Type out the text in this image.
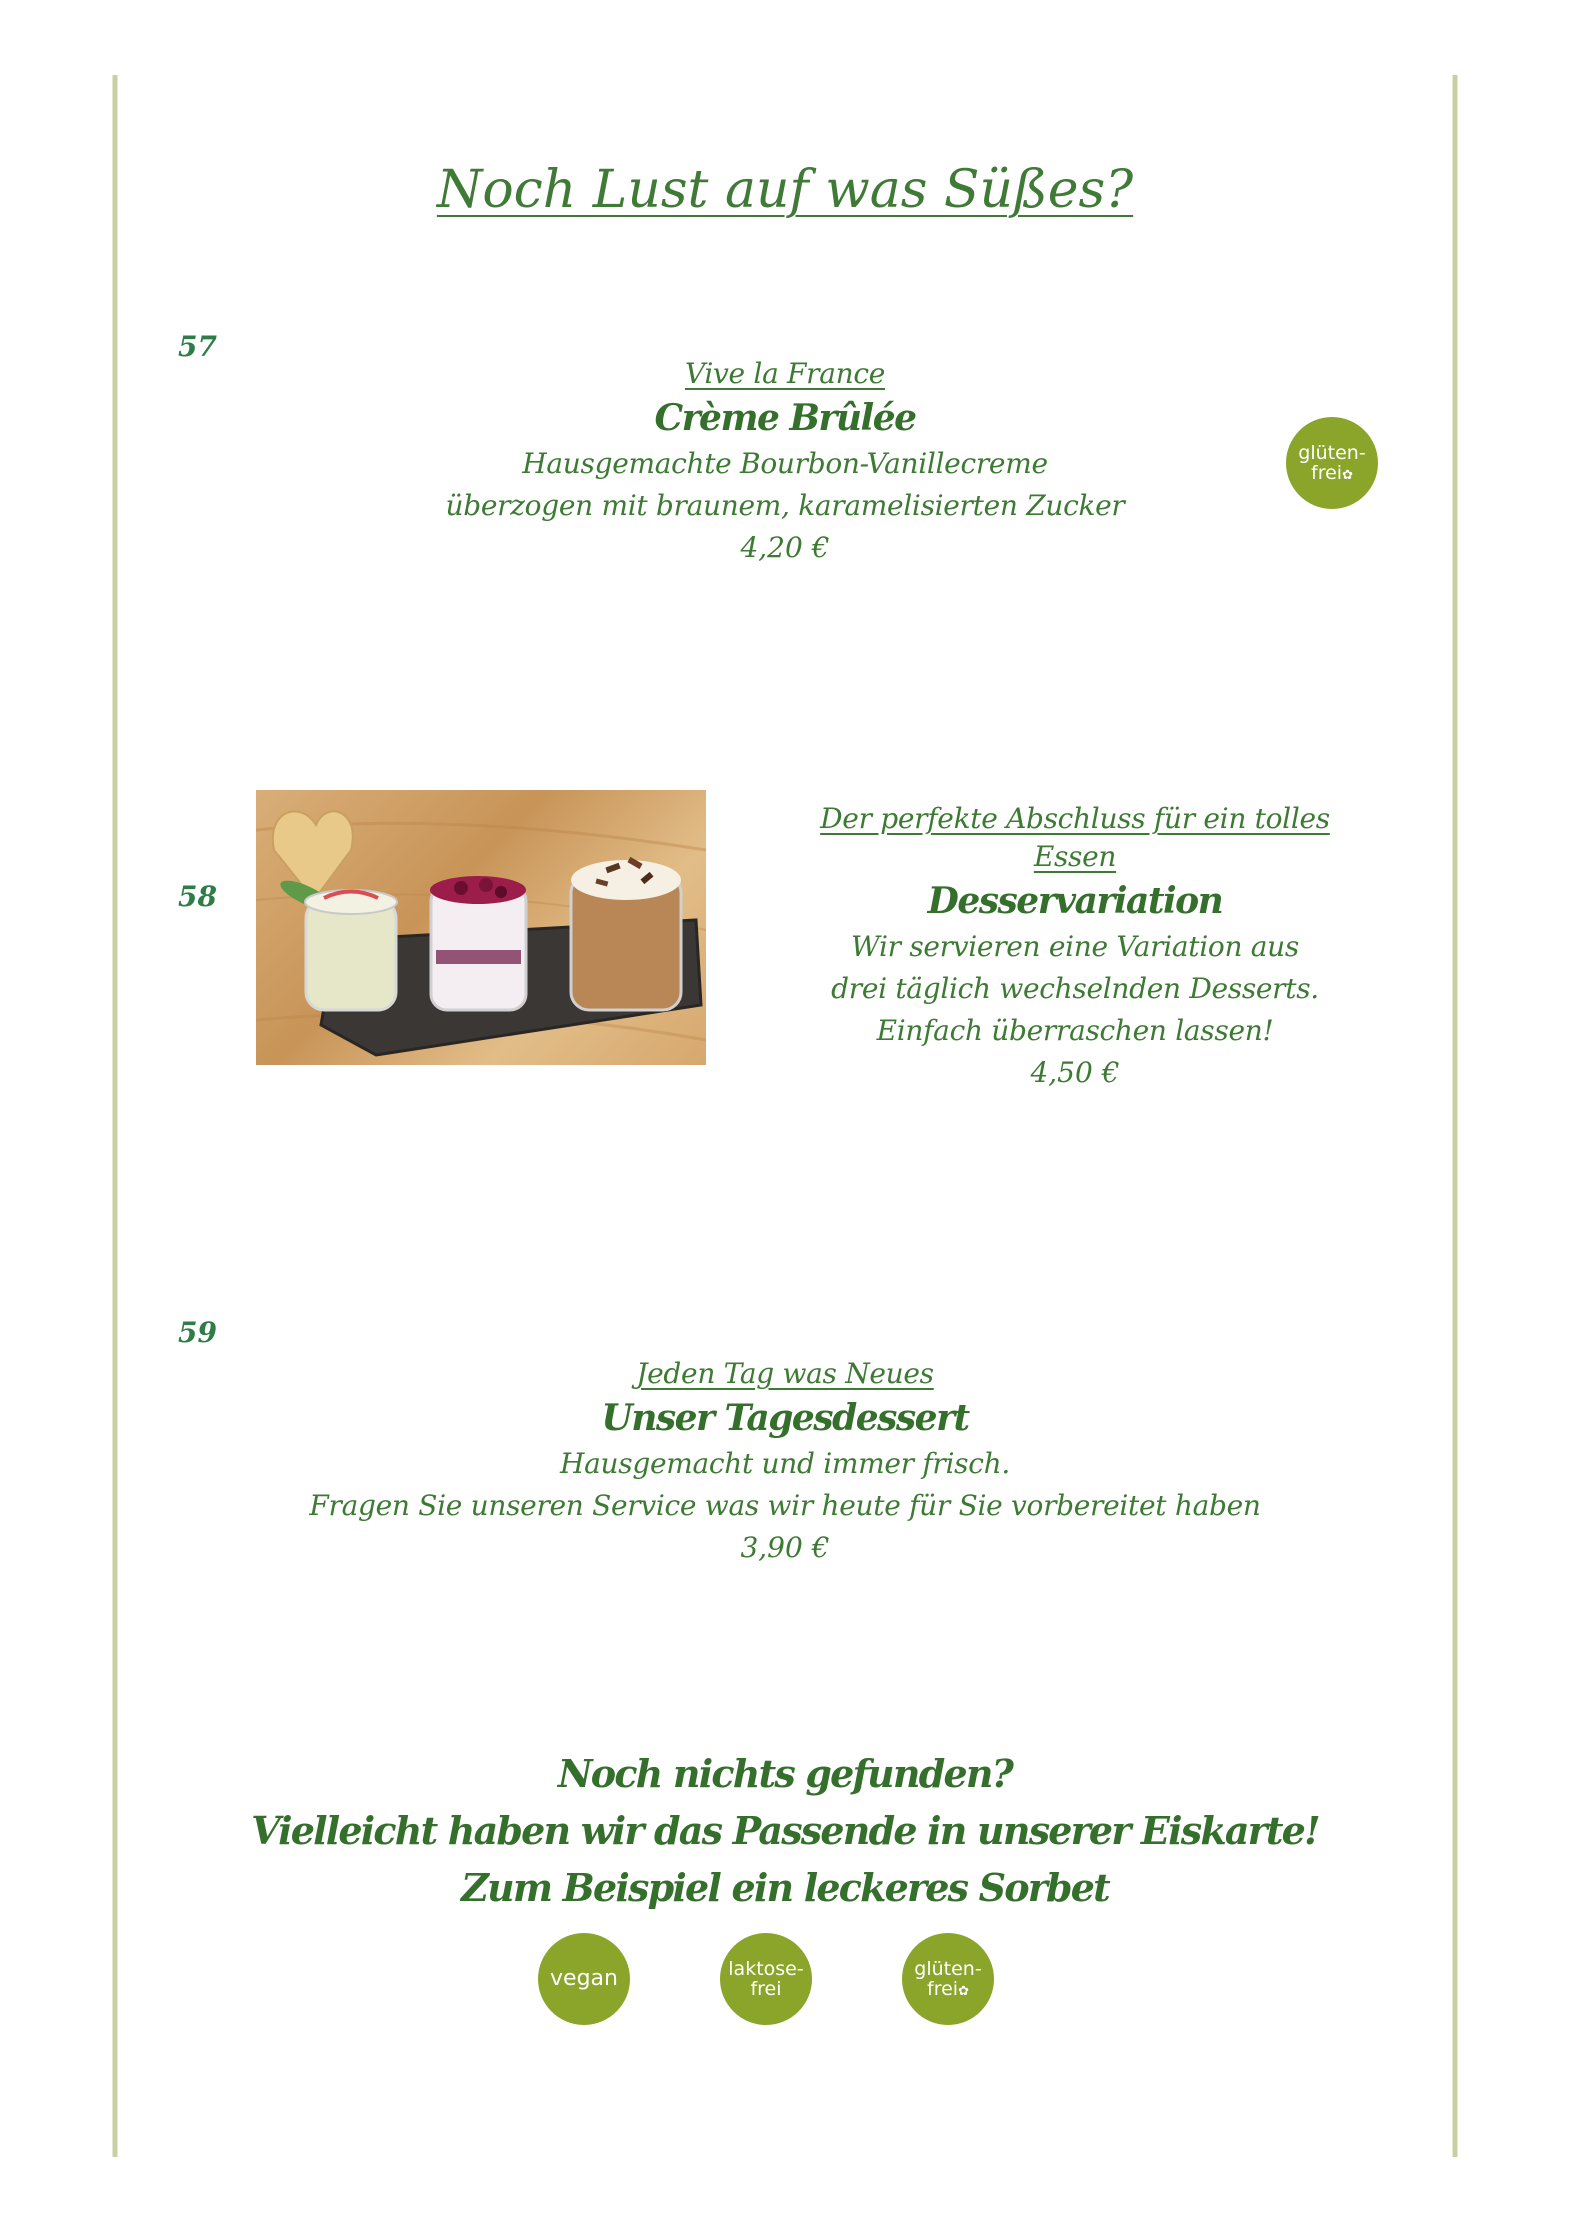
Noch Lust auf was Süßes?
57
Vive la France
Crème Brûlée
Hausgemachte Bourbon-Vanillecreme
überzogen mit braunem, karamelisierten Zucker
4,20 €
glüten-
frei✿
58
Der perfekte Abschluss für ein tolles Essen
Desservariation
Wir servieren eine Variation aus
drei täglich wechselnden Desserts.
Einfach überraschen lassen!
4,50 €
59
Jeden Tag was Neues
Unser Tagesdessert
Hausgemacht und immer frisch.
Fragen Sie unseren Service was wir heute für Sie vorbereitet haben
3,90 €
Noch nichts gefunden?
Vielleicht haben wir das Passende in unserer Eiskarte!
Zum Beispiel ein leckeres Sorbet
vegan	laktose-
frei
glüten-
frei✿
